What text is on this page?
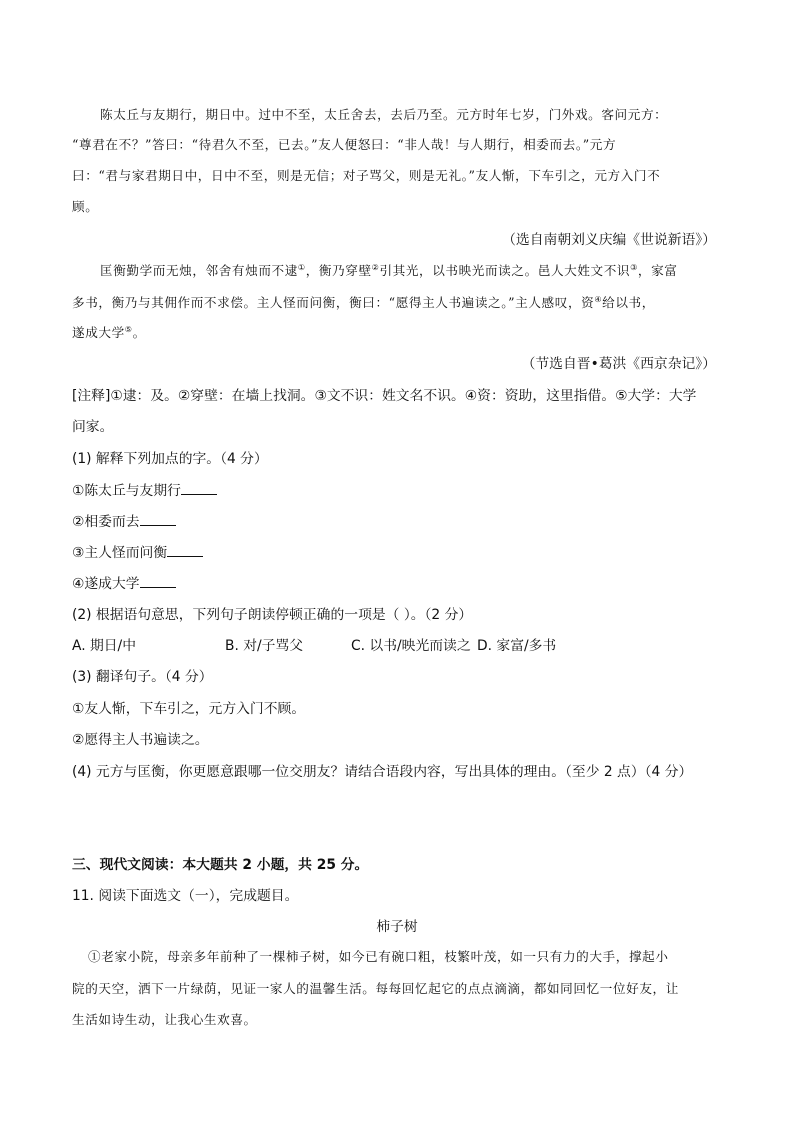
陈太丘与友期行，期日中。过中不至，太丘舍去，去后乃至。元方时年七岁，门外戏。客问元方：
“尊君在不？”答曰：“待君久不至，已去。”友人便怒曰：“非人哉！与人期行，相委而去。”元方
曰：“君与家君期日中，日中不至，则是无信；对子骂父，则是无礼。”友人惭，下车引之，元方入门不
顾。
（选自南朝刘义庆编《世说新语》）
匡衡勤学而无烛，邻舍有烛而不逮①，衡乃穿壁②引其光，以书映光而读之。邑人大姓文不识③，家富
多书，衡乃与其佣作而不求偿。主人怪而问衡，衡曰：“愿得主人书遍读之。”主人感叹，资④给以书，
遂成大学⑤。
（节选自晋•葛洪《西京杂记》）
[注释]①逮：及。②穿壁：在墙上找洞。③文不识：姓文名不识。④资：资助，这里指借。⑤大学：大学
问家。
(1) 解释下列加点的字。（4 分）
①陈太丘与友期行
②相委而去
③主人怪而问衡
④遂成大学
(2) 根据语句意思，下列句子朗读停顿正确的一项是（ ）。（2 分）
A. 期日/中	B. 对/子骂父	C. 以书/映光而读之 D. 家富/多书
(3) 翻译句子。（4 分）
①友人惭，下车引之，元方入门不顾。
②愿得主人书遍读之。
(4) 元方与匡衡，你更愿意跟哪一位交朋友？请结合语段内容，写出具体的理由。（至少 2 点）（4 分）
三、现代文阅读：本大题共 2 小题，共 25 分。
11. 阅读下面选文（一），完成题目。
柿子树
①老家小院，母亲多年前种了一棵柿子树，如今已有碗口粗，枝繁叶茂，如一只有力的大手，撑起小
院的天空，洒下一片绿荫，见证一家人的温馨生活。每每回忆起它的点点滴滴，都如同回忆一位好友，让
生活如诗生动，让我心生欢喜。
